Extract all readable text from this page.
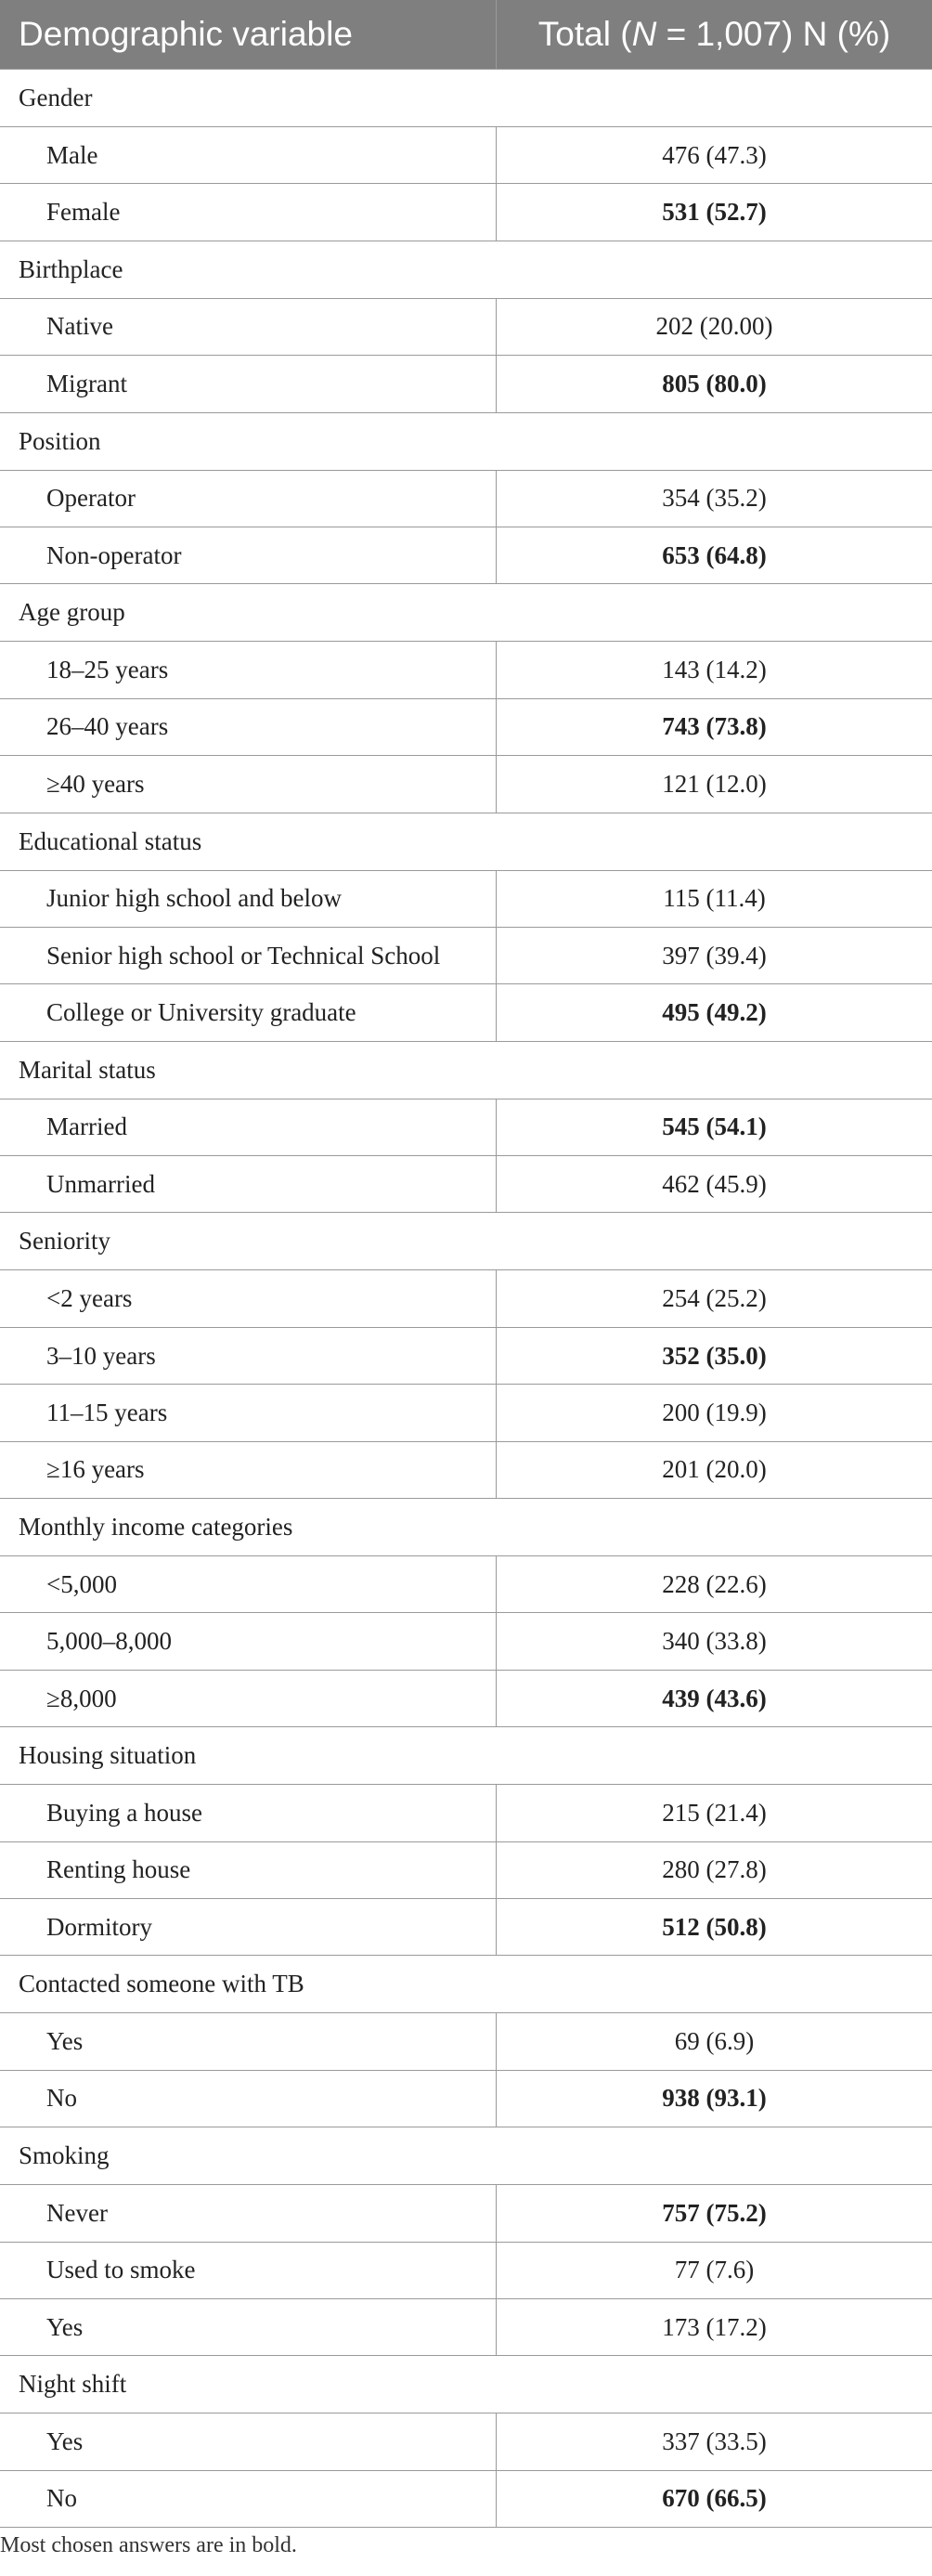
Demographic variable	Total ( N = 1,007) N (%)
Gender
Male	476 (47.3)
Female	531 (52.7)
Birthplace
Native	202 (20.00)
Migrant	805 (80.0)
Position
Operator	354 (35.2)
Non-operator	653 (64.8)
Age group
18–25 years	143 (14.2)
26–40 years	743 (73.8)
≥40 years	121 (12.0)
Educational status
Junior high school and below	115 (11.4)
Senior high school or Technical School	397 (39.4)
College or University graduate	495 (49.2)
Marital status
Married	545 (54.1)
Unmarried	462 (45.9)
Seniority
<2 years	254 (25.2)
3–10 years	352 (35.0)
11–15 years	200 (19.9)
≥16 years	201 (20.0)
Monthly income categories
<5,000	228 (22.6)
5,000–8,000	340 (33.8)
≥8,000	439 (43.6)
Housing situation
Buying a house	215 (21.4)
Renting house	280 (27.8)
Dormitory	512 (50.8)
Contacted someone with TB
Yes	69 (6.9)
No	938 (93.1)
Smoking
Never	757 (75.2)
Used to smoke	77 (7.6)
Yes	173 (17.2)
Night shift
Yes	337 (33.5)
No	670 (66.5)
Most chosen answers are in bold.
